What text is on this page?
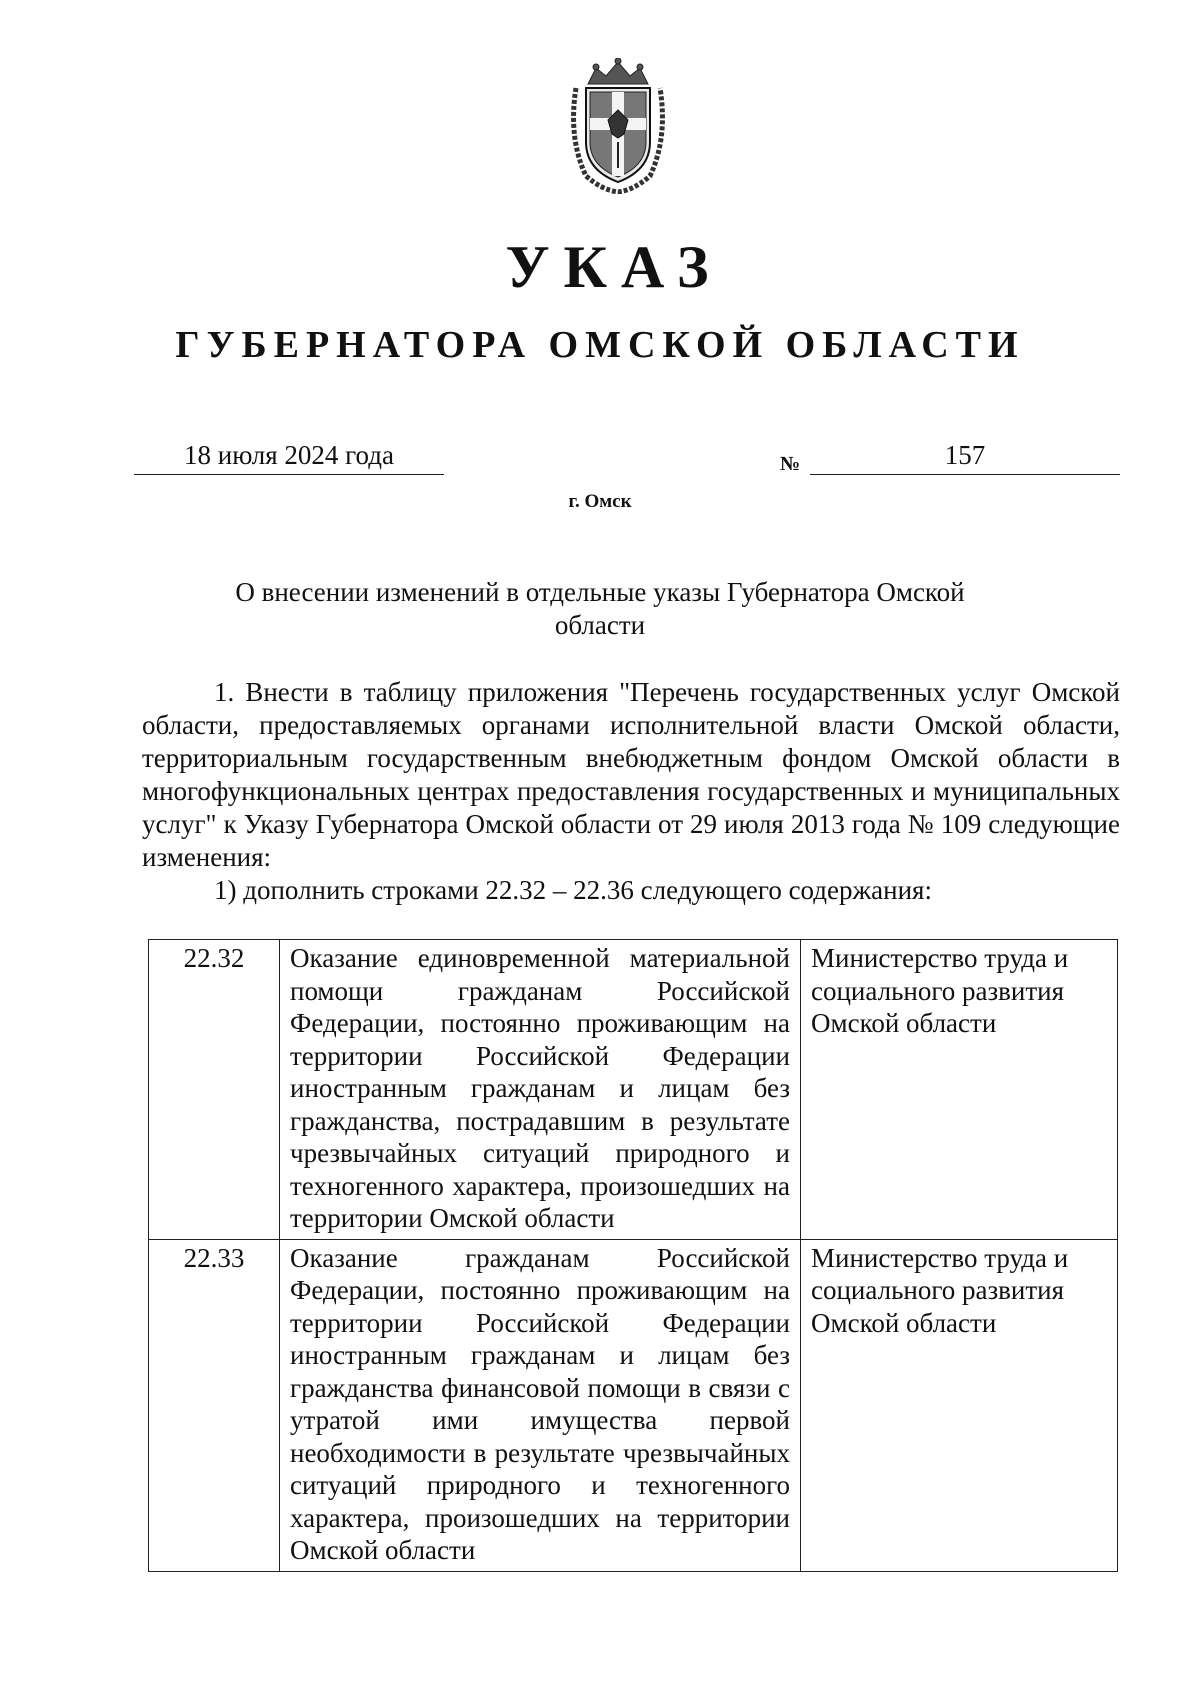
УКАЗ
ГУБЕРНАТОРА ОМСКОЙ ОБЛАСТИ
18 июля 2024 года	№	157
г. Омск
О внесении изменений в отдельные указы Губернатора Омской области

1. Внести в таблицу приложения "Перечень государственных услуг Омской области, предоставляемых органами исполнительной власти Омской области, территориальным государственным внебюджетным фондом Омской области в многофункциональных центрах предоставления государственных и муниципальных услуг" к Указу Губернатора Омской области от 29 июля 2013 года № 109 следующие изменения:

1) дополнить строками 22.32 – 22.36 следующего содержания:

22.32	Оказание единовременной материальной помощи гражданам Российской Федерации, постоянно проживающим на территории Российской Федерации иностранным гражданам и лицам без гражданства, пострадавшим в результате чрезвычайных ситуаций природного и техногенного характера, произошедших на территории Омской области	Министерство труда и социального развития Омской области
22.33	Оказание гражданам Российской Федерации, постоянно проживающим на территории Российской Федерации иностранным гражданам и лицам без гражданства финансовой помощи в связи с утратой ими имущества первой необходимости в результате чрезвычайных ситуаций природного и техногенного характера, произошедших на территории Омской области	Министерство труда и социального развития Омской области
